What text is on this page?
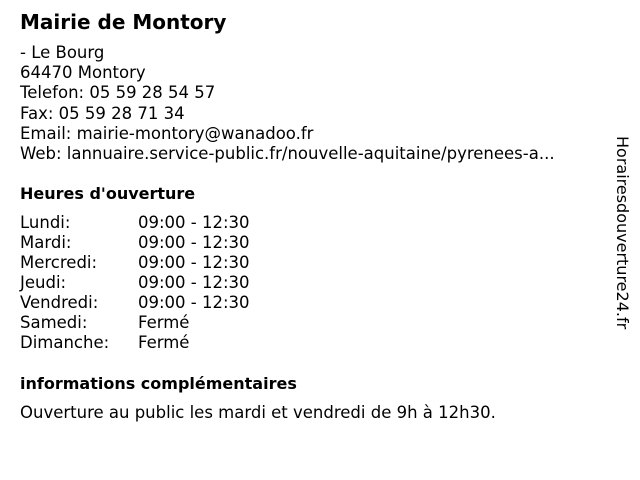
Mairie de Montory
- Le Bourg
64470 Montory
Telefon: 05 59 28 54 57
Fax: 05 59 28 71 34
Email: mairie-montory@wanadoo.fr
Web: lannuaire.service-public.fr/nouvelle-aquitaine/pyrenees-a...
Heures d'ouverture
Lundi:	09:00 - 12:30
Mardi:	09:00 - 12:30
Mercredi:	09:00 - 12:30
Jeudi:	09:00 - 12:30
Vendredi:	09:00 - 12:30
Samedi:	Fermé
Dimanche:	Fermé
informations complémentaires
Ouverture au public les mardi et vendredi de 9h à 12h30.
Horairesdouverture24.fr
